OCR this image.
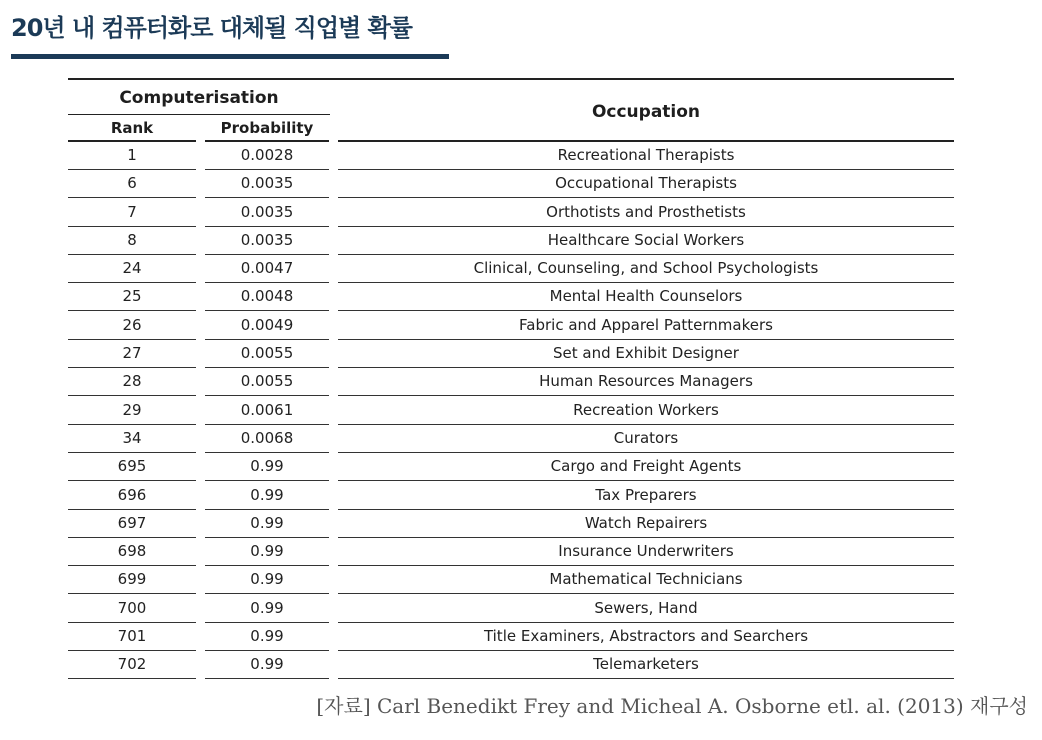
20년 내 컴퓨터화로 대체될 직업별 확률
Computerisation
Rank	Probability
Occupation
1	0.0028	Recreational Therapists
6	0.0035	Occupational Therapists
7	0.0035	Orthotists and Prosthetists
8	0.0035	Healthcare Social Workers
24	0.0047	Clinical, Counseling, and School Psychologists
25	0.0048	Mental Health Counselors
26	0.0049	Fabric and Apparel Patternmakers
27	0.0055	Set and Exhibit Designer
28	0.0055	Human Resources Managers
29	0.0061	Recreation Workers
34	0.0068	Curators
695	0.99	Cargo and Freight Agents
696	0.99	Tax Preparers
697	0.99	Watch Repairers
698	0.99	Insurance Underwriters
699	0.99	Mathematical Technicians
700	0.99	Sewers, Hand
701	0.99	Title Examiners, Abstractors and Searchers
702	0.99	Telemarketers
[자료] Carl Benedikt Frey and Micheal A. Osborne etl. al. (2013) 재구성
